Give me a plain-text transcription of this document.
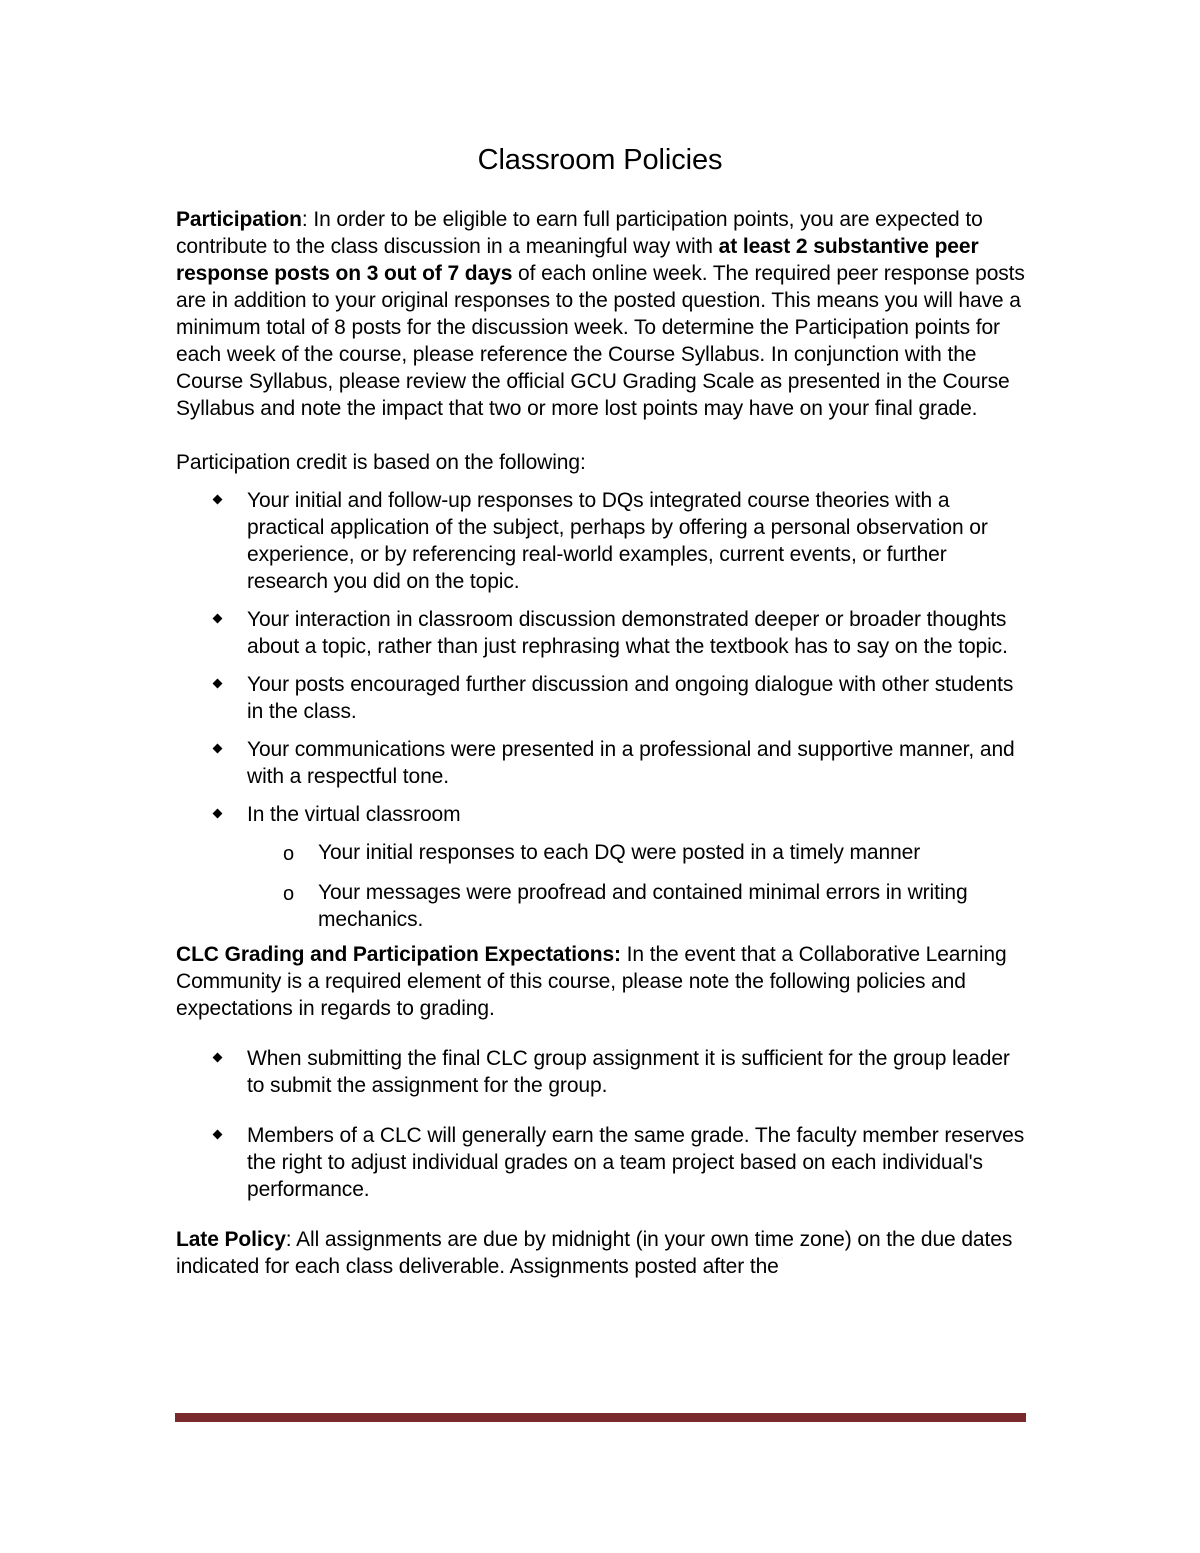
Classroom Policies

Participation: In order to be eligible to earn full participation points, you are expected to contribute to the class discussion in a meaningful way with at least 2 substantive peer response posts on 3 out of 7 days of each online week. The required peer response posts are in addition to your original responses to the posted question. This means you will have a minimum total of 8 posts for the discussion week. To determine the Participation points for each week of the course, please reference the Course Syllabus. In conjunction with the Course Syllabus, please review the official GCU Grading Scale as presented in the Course Syllabus and note the impact that two or more lost points may have on your final grade.

Participation credit is based on the following:

Your initial and follow-up responses to DQs integrated course theories with a practical application of the subject, perhaps by offering a personal observation or experience, or by referencing real-world examples, current events, or further research you did on the topic.
Your interaction in classroom discussion demonstrated deeper or broader thoughts about a topic, rather than just rephrasing what the textbook has to say on the topic.
Your posts encouraged further discussion and ongoing dialogue with other students in the class.
Your communications were presented in a professional and supportive manner, and with a respectful tone.
In the virtual classroom
o Your initial responses to each DQ were posted in a timely manner
o Your messages were proofread and contained minimal errors in writing mechanics.

CLC Grading and Participation Expectations: In the event that a Collaborative Learning Community is a required element of this course, please note the following policies and expectations in regards to grading.

When submitting the final CLC group assignment it is sufficient for the group leader to submit the assignment for the group.
Members of a CLC will generally earn the same grade. The faculty member reserves the right to adjust individual grades on a team project based on each individual's performance.

Late Policy: All assignments are due by midnight (in your own time zone) on the due dates indicated for each class deliverable. Assignments posted after the
